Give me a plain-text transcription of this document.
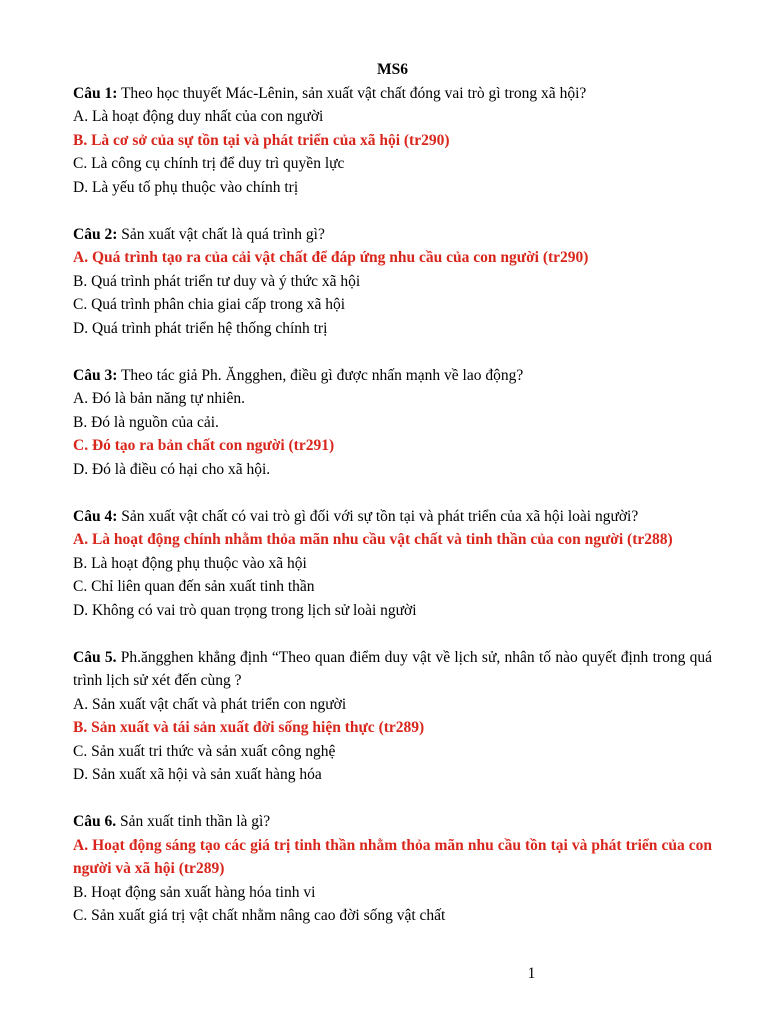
MS6

Câu 1: Theo học thuyết Mác-Lênin, sản xuất vật chất đóng vai trò gì trong xã hội?

A. Là hoạt động duy nhất của con người

B. Là cơ sở của sự tồn tại và phát triển của xã hội (tr290)

C. Là công cụ chính trị để duy trì quyền lực

D. Là yếu tố phụ thuộc vào chính trị

Câu 2: Sản xuất vật chất là quá trình gì?

A. Quá trình tạo ra của cải vật chất để đáp ứng nhu cầu của con người (tr290)

B. Quá trình phát triển tư duy và ý thức xã hội

C. Quá trình phân chia giai cấp trong xã hội

D. Quá trình phát triển hệ thống chính trị

Câu 3: Theo tác giả Ph. Ăngghen, điều gì được nhấn mạnh về lao động?

A. Đó là bản năng tự nhiên.

B. Đó là nguồn của cải.

C. Đó tạo ra bản chất con người (tr291)

D. Đó là điều có hại cho xã hội.

Câu 4: Sản xuất vật chất có vai trò gì đối với sự tồn tại và phát triển của xã hội loài người?

A. Là hoạt động chính nhằm thỏa mãn nhu cầu vật chất và tinh thần của con người (tr288)

B. Là hoạt động phụ thuộc vào xã hội

C. Chỉ liên quan đến sản xuất tinh thần

D. Không có vai trò quan trọng trong lịch sử loài người

Câu 5. Ph.ăngghen khẳng định “Theo quan điểm duy vật về lịch sử, nhân tố nào quyết định trong quá trình lịch sử xét đến cùng ?

A. Sản xuất vật chất và phát triển con người

B. Sản xuất và tái sản xuất đời sống hiện thực (tr289)

C. Sản xuất tri thức và sản xuất công nghệ

D. Sản xuất xã hội và sản xuất hàng hóa

Câu 6. Sản xuất tinh thần là gì?

A. Hoạt động sáng tạo các giá trị tinh thần nhằm thỏa mãn nhu cầu tồn tại và phát triển của con người và xã hội (tr289)

B. Hoạt động sản xuất hàng hóa tinh vi

C. Sản xuất giá trị vật chất nhằm nâng cao đời sống vật chất

1
